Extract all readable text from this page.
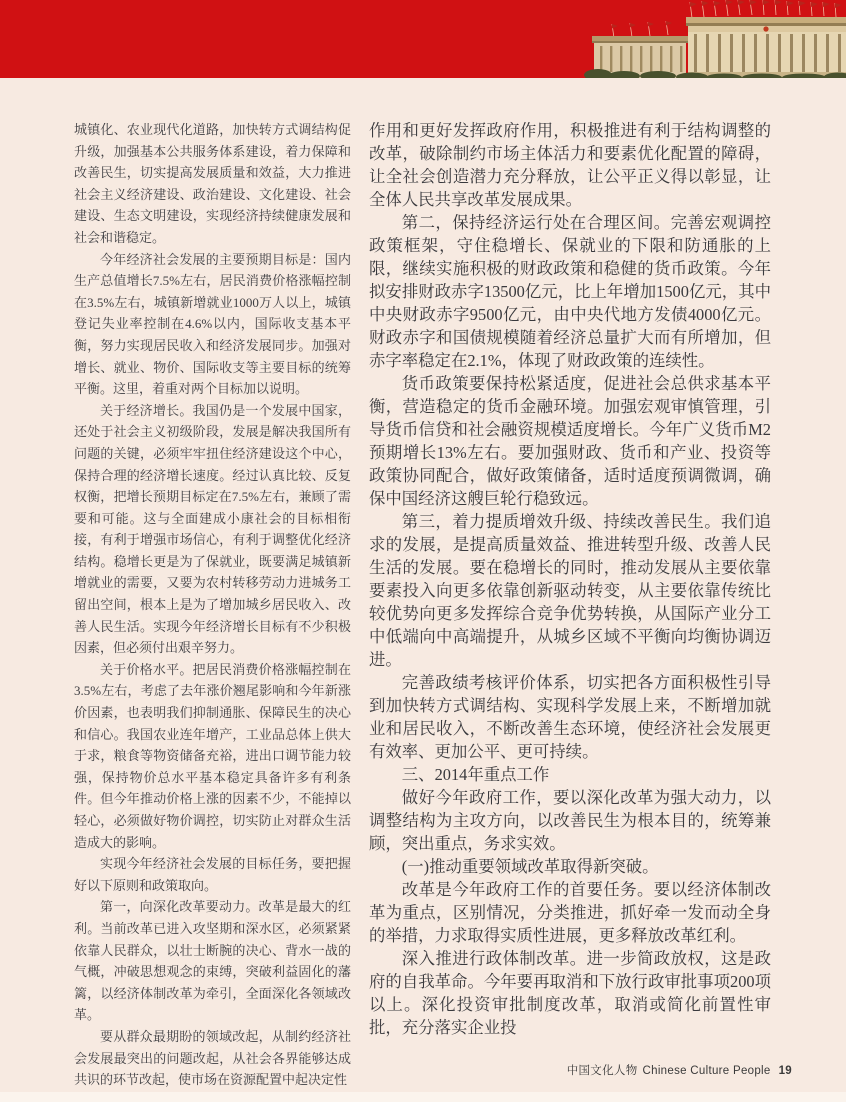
城镇化、农业现代化道路，加快转方式调结构促升级，加强基本公共服务体系建设，着力保障和改善民生，切实提高发展质量和效益，大力推进社会主义经济建设、政治建设、文化建设、社会建设、生态文明建设，实现经济持续健康发展和社会和谐稳定。

今年经济社会发展的主要预期目标是：国内生产总值增长7.5%左右，居民消费价格涨幅控制在3.5%左右，城镇新增就业1000万人以上，城镇登记失业率控制在4.6%以内，国际收支基本平衡，努力实现居民收入和经济发展同步。加强对增长、就业、物价、国际收支等主要目标的统筹平衡。这里，着重对两个目标加以说明。

关于经济增长。我国仍是一个发展中国家，还处于社会主义初级阶段，发展是解决我国所有问题的关键，必须牢牢扭住经济建设这个中心，保持合理的经济增长速度。经过认真比较、反复权衡，把增长预期目标定在7.5%左右，兼顾了需要和可能。这与全面建成小康社会的目标相衔接，有利于增强市场信心，有利于调整优化经济结构。稳增长更是为了保就业，既要满足城镇新增就业的需要，又要为农村转移劳动力进城务工留出空间，根本上是为了增加城乡居民收入、改善人民生活。实现今年经济增长目标有不少积极因素，但必须付出艰辛努力。

关于价格水平。把居民消费价格涨幅控制在3.5%左右，考虑了去年涨价翘尾影响和今年新涨价因素，也表明我们抑制通胀、保障民生的决心和信心。我国农业连年增产，工业品总体上供大于求，粮食等物资储备充裕，进出口调节能力较强，保持物价总水平基本稳定具备许多有利条件。但今年推动价格上涨的因素不少，不能掉以轻心，必须做好物价调控，切实防止对群众生活造成大的影响。

实现今年经济社会发展的目标任务，要把握好以下原则和政策取向。

第一，向深化改革要动力。改革是最大的红利。当前改革已进入攻坚期和深水区，必须紧紧依靠人民群众，以壮士断腕的决心、背水一战的气概，冲破思想观念的束缚，突破利益固化的藩篱，以经济体制改革为牵引，全面深化各领域改革。

要从群众最期盼的领域改起，从制约经济社会发展最突出的问题改起，从社会各界能够达成共识的环节改起，使市场在资源配置中起决定性

作用和更好发挥政府作用，积极推进有利于结构调整的改革，破除制约市场主体活力和要素优化配置的障碍，让全社会创造潜力充分释放，让公平正义得以彰显，让全体人民共享改革发展成果。

第二，保持经济运行处在合理区间。完善宏观调控政策框架，守住稳增长、保就业的下限和防通胀的上限，继续实施积极的财政政策和稳健的货币政策。今年拟安排财政赤字13500亿元，比上年增加1500亿元，其中中央财政赤字9500亿元，由中央代地方发债4000亿元。财政赤字和国债规模随着经济总量扩大而有所增加，但赤字率稳定在2.1%，体现了财政政策的连续性。

货币政策要保持松紧适度，促进社会总供求基本平衡，营造稳定的货币金融环境。加强宏观审慎管理，引导货币信贷和社会融资规模适度增长。今年广义货币M2预期增长13%左右。要加强财政、货币和产业、投资等政策协同配合，做好政策储备，适时适度预调微调，确保中国经济这艘巨轮行稳致远。

第三，着力提质增效升级、持续改善民生。我们追求的发展，是提高质量效益、推进转型升级、改善人民生活的发展。要在稳增长的同时，推动发展从主要依靠要素投入向更多依靠创新驱动转变，从主要依靠传统比较优势向更多发挥综合竞争优势转换，从国际产业分工中低端向中高端提升，从城乡区域不平衡向均衡协调迈进。

完善政绩考核评价体系，切实把各方面积极性引导到加快转方式调结构、实现科学发展上来，不断增加就业和居民收入，不断改善生态环境，使经济社会发展更有效率、更加公平、更可持续。

三、2014年重点工作

做好今年政府工作，要以深化改革为强大动力，以调整结构为主攻方向，以改善民生为根本目的，统筹兼顾，突出重点，务求实效。

(一)推动重要领域改革取得新突破。

改革是今年政府工作的首要任务。要以经济体制改革为重点，区别情况，分类推进，抓好牵一发而动全身的举措，力求取得实质性进展，更多释放改革红利。

深入推进行政体制改革。进一步简政放权，这是政府的自我革命。今年要再取消和下放行政审批事项200项以上。深化投资审批制度改革，取消或简化前置性审批，充分落实企业投

中国文化人物 Chinese Culture People 19
